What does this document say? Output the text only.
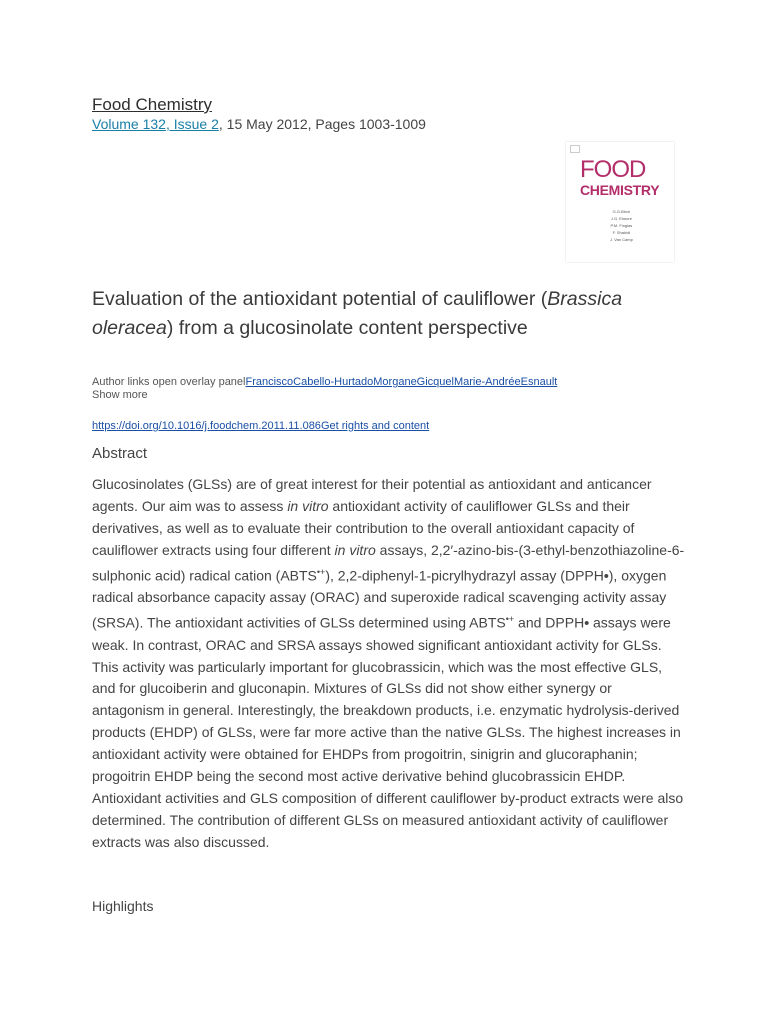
Food Chemistry
Volume 132, Issue 2, 15 May 2012, Pages 1003-1009
FOOD
CHEMISTRY
G.G.Birch
J.G. Elmore
P.M. Finglas
F. Shahidi
J. Van Camp
Evaluation of the antioxidant potential of cauliflower (Brassica oleracea) from a glucosinolate content perspective
Author links open overlay panelFranciscoCabello-HurtadoMorganeGicquelMarie-AndréeEsnault
Show more
https://doi.org/10.1016/j.foodchem.2011.11.086Get rights and content
Abstract

Glucosinolates (GLSs) are of great interest for their potential as antioxidant and anticancer agents. Our aim was to assess in vitro antioxidant activity of cauliflower GLSs and their derivatives, as well as to evaluate their contribution to the overall antioxidant capacity of cauliflower extracts using four different in vitro assays, 2,2′-azino-bis-(3-ethyl-benzothiazoline-6-sulphonic acid) radical cation (ABTS•+), 2,2-diphenyl-1-picrylhydrazyl assay (DPPH•), oxygen radical absorbance capacity assay (ORAC) and superoxide radical scavenging activity assay (SRSA). The antioxidant activities of GLSs determined using ABTS•+ and DPPH• assays were weak. In contrast, ORAC and SRSA assays showed significant antioxidant activity for GLSs. This activity was particularly important for glucobrassicin, which was the most effective GLS, and for glucoiberin and gluconapin. Mixtures of GLSs did not show either synergy or antagonism in general. Interestingly, the breakdown products, i.e. enzymatic hydrolysis-derived products (EHDP) of GLSs, were far more active than the native GLSs. The highest increases in antioxidant activity were obtained for EHDPs from progoitrin, sinigrin and glucoraphanin; progoitrin EHDP being the second most active derivative behind glucobrassicin EHDP. Antioxidant activities and GLS composition of different cauliflower by-product extracts were also determined. The contribution of different GLSs on measured antioxidant activity of cauliflower extracts was also discussed.

Highlights
